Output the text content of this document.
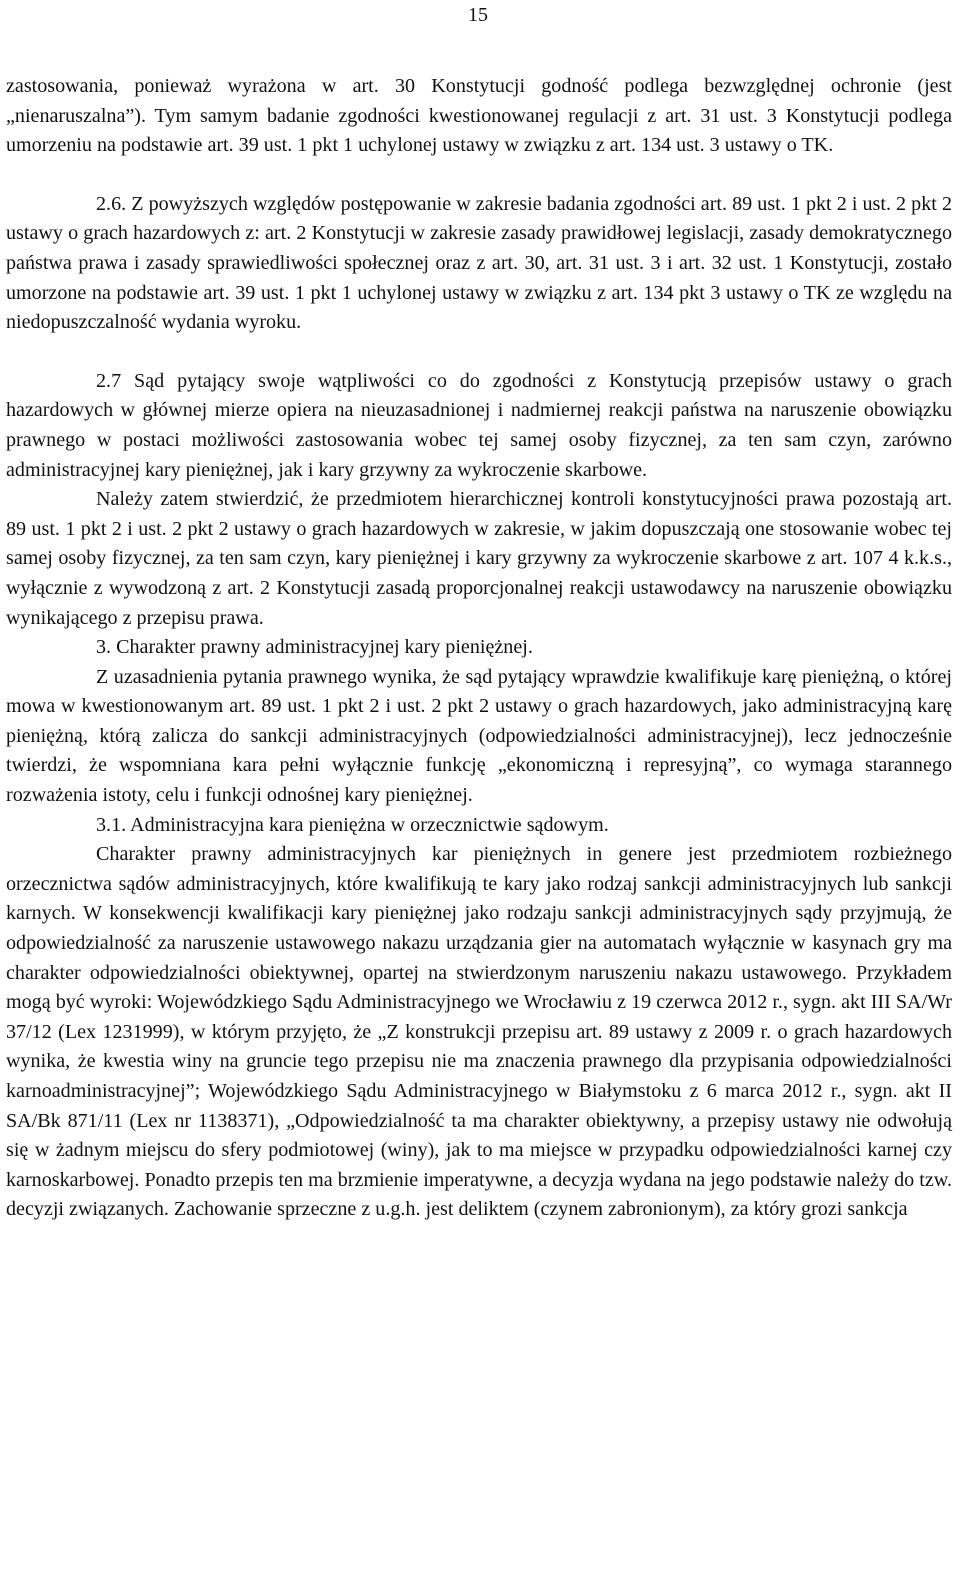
15

zastosowania, ponieważ wyrażona w art. 30 Konstytucji godność podlega bezwzględnej ochronie (jest „nienaruszalna”). Tym samym badanie zgodności kwestionowanej regulacji z art. 31 ust. 3 Konstytucji podlega umorzeniu na podstawie art. 39 ust. 1 pkt 1 uchylonej ustawy w związku z art. 134 ust. 3 ustawy o TK.

2.6. Z powyższych względów postępowanie w zakresie badania zgodności art. 89 ust. 1 pkt 2 i ust. 2 pkt 2 ustawy o grach hazardowych z: art. 2 Konstytucji w zakresie zasady prawidłowej legislacji, zasady demokratycznego państwa prawa i zasady sprawiedliwości społecznej oraz z art. 30, art. 31 ust. 3 i art. 32 ust. 1 Konstytucji, zostało umorzone na podstawie art. 39 ust. 1 pkt 1 uchylonej ustawy w związku z art. 134 pkt 3 ustawy o TK ze względu na niedopuszczalność wydania wyroku.

2.7 Sąd pytający swoje wątpliwości co do zgodności z Konstytucją przepisów ustawy o grach hazardowych w głównej mierze opiera na nieuzasadnionej i nadmiernej reakcji państwa na naruszenie obowiązku prawnego w postaci możliwości zastosowania wobec tej samej osoby fizycznej, za ten sam czyn, zarówno administracyjnej kary pieniężnej, jak i kary grzywny za wykroczenie skarbowe.

Należy zatem stwierdzić, że przedmiotem hierarchicznej kontroli konstytucyjności prawa pozostają art. 89 ust. 1 pkt 2 i ust. 2 pkt 2 ustawy o grach hazardowych w zakresie, w jakim dopuszczają one stosowanie wobec tej samej osoby fizycznej, za ten sam czyn, kary pieniężnej i kary grzywny za wykroczenie skarbowe z art. 107 4 k.k.s., wyłącznie z wywodzoną z art. 2 Konstytucji zasadą proporcjonalnej reakcji ustawodawcy na naruszenie obowiązku wynikającego z przepisu prawa.

3. Charakter prawny administracyjnej kary pieniężnej.

Z uzasadnienia pytania prawnego wynika, że sąd pytający wprawdzie kwalifikuje karę pieniężną, o której mowa w kwestionowanym art. 89 ust. 1 pkt 2 i ust. 2 pkt 2 ustawy o grach hazardowych, jako administracyjną karę pieniężną, którą zalicza do sankcji administracyjnych (odpowiedzialności administracyjnej), lecz jednocześnie twierdzi, że wspomniana kara pełni wyłącznie funkcję „ekonomiczną i represyjną”, co wymaga starannego rozważenia istoty, celu i funkcji odnośnej kary pieniężnej.

3.1. Administracyjna kara pieniężna w orzecznictwie sądowym.

Charakter prawny administracyjnych kar pieniężnych in genere jest przedmiotem rozbieżnego orzecznictwa sądów administracyjnych, które kwalifikują te kary jako rodzaj sankcji administracyjnych lub sankcji karnych. W konsekwencji kwalifikacji kary pieniężnej jako rodzaju sankcji administracyjnych sądy przyjmują, że odpowiedzialność za naruszenie ustawowego nakazu urządzania gier na automatach wyłącznie w kasynach gry ma charakter odpowiedzialności obiektywnej, opartej na stwierdzonym naruszeniu nakazu ustawowego. Przykładem mogą być wyroki: Wojewódzkiego Sądu Administracyjnego we Wrocławiu z 19 czerwca 2012 r., sygn. akt III SA/Wr 37/12 (Lex 1231999), w którym przyjęto, że „Z konstrukcji przepisu art. 89 ustawy z 2009 r. o grach hazardowych wynika, że kwestia winy na gruncie tego przepisu nie ma znaczenia prawnego dla przypisania odpowiedzialności karnoadministracyjnej”; Wojewódzkiego Sądu Administracyjnego w Białymstoku z 6 marca 2012 r., sygn. akt II SA/Bk 871/11 (Lex nr 1138371), „Odpowiedzialność ta ma charakter obiektywny, a przepisy ustawy nie odwołują się w żadnym miejscu do sfery podmiotowej (winy), jak to ma miejsce w przypadku odpowiedzialności karnej czy karnoskarbowej. Ponadto przepis ten ma brzmienie imperatywne, a decyzja wydana na jego podstawie należy do tzw. decyzji związanych. Zachowanie sprzeczne z u.g.h. jest deliktem (czynem zabronionym), za który grozi sankcja
